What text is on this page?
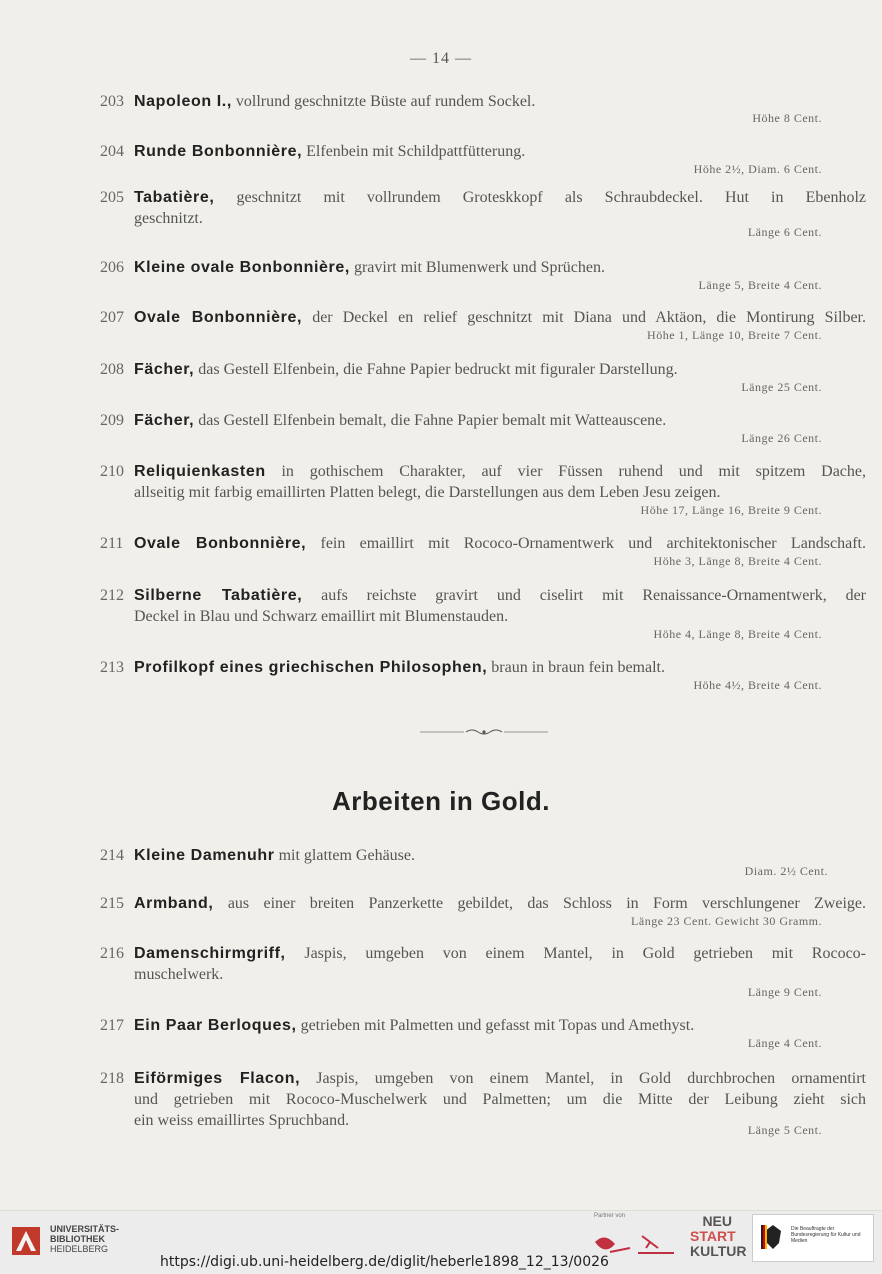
— 14 —
203 Napoleon I., vollrund geschnitzte Büste auf rundem Sockel.
Höhe 8 Cent.
204 Runde Bonbonnière, Elfenbein mit Schildpattfütterung.
Höhe 2½, Diam. 6 Cent.
205 Tabatière, geschnitzt mit vollrundem Groteskkopf als Schraubdeckel. Hut in Ebenholz
geschnitzt.
Länge 6 Cent.
206 Kleine ovale Bonbonnière, gravirt mit Blumenwerk und Sprüchen.
Länge 5, Breite 4 Cent.
207 Ovale Bonbonnière, der Deckel en relief geschnitzt mit Diana und Aktäon, die Montirung Silber.
Höhe 1, Länge 10, Breite 7 Cent.
208 Fächer, das Gestell Elfenbein, die Fahne Papier bedruckt mit figuraler Darstellung.
Länge 25 Cent.
209 Fächer, das Gestell Elfenbein bemalt, die Fahne Papier bemalt mit Watteauscene.
Länge 26 Cent.
210 Reliquienkasten in gothischem Charakter, auf vier Füssen ruhend und mit spitzem Dache,
allseitig mit farbig emaillirten Platten belegt, die Darstellungen aus dem Leben Jesu zeigen.
Höhe 17, Länge 16, Breite 9 Cent.
211 Ovale Bonbonnière, fein emaillirt mit Rococo-Ornamentwerk und architektonischer Landschaft.
Höhe 3, Länge 8, Breite 4 Cent.
212 Silberne Tabatière, aufs reichste gravirt und ciselirt mit Renaissance-Ornamentwerk, der
Deckel in Blau und Schwarz emaillirt mit Blumenstauden.
Höhe 4, Länge 8, Breite 4 Cent.
213 Profilkopf eines griechischen Philosophen, braun in braun fein bemalt.
Höhe 4½, Breite 4 Cent.
Arbeiten in Gold.
214 Kleine Damenuhr mit glattem Gehäuse.
Diam. 2½ Cent.
215 Armband, aus einer breiten Panzerkette gebildet, das Schloss in Form verschlungener Zweige.
Länge 23 Cent. Gewicht 30 Gramm.
216 Damenschirmgriff, Jaspis, umgeben von einem Mantel, in Gold getrieben mit Rococo-
muschelwerk.
Länge 9 Cent.
217 Ein Paar Berloques, getrieben mit Palmetten und gefasst mit Topas und Amethyst.
Länge 4 Cent.
218 Eiförmiges Flacon, Jaspis, umgeben von einem Mantel, in Gold durchbrochen ornamentirt
und getrieben mit Rococo-Muschelwerk und Palmetten; um die Mitte der Leibung zieht sich
ein weiss emaillirtes Spruchband.
Länge 5 Cent.
UNIVERSITÄTS-
BIBLIOTHEK
HEIDELBERG
https://digi.ub.uni-heidelberg.de/diglit/heberle1898_12_13/0026
Partner von	NEU
START
KULTUR
Die Beauftragte der Bundesregierung für Kultur und Medien
